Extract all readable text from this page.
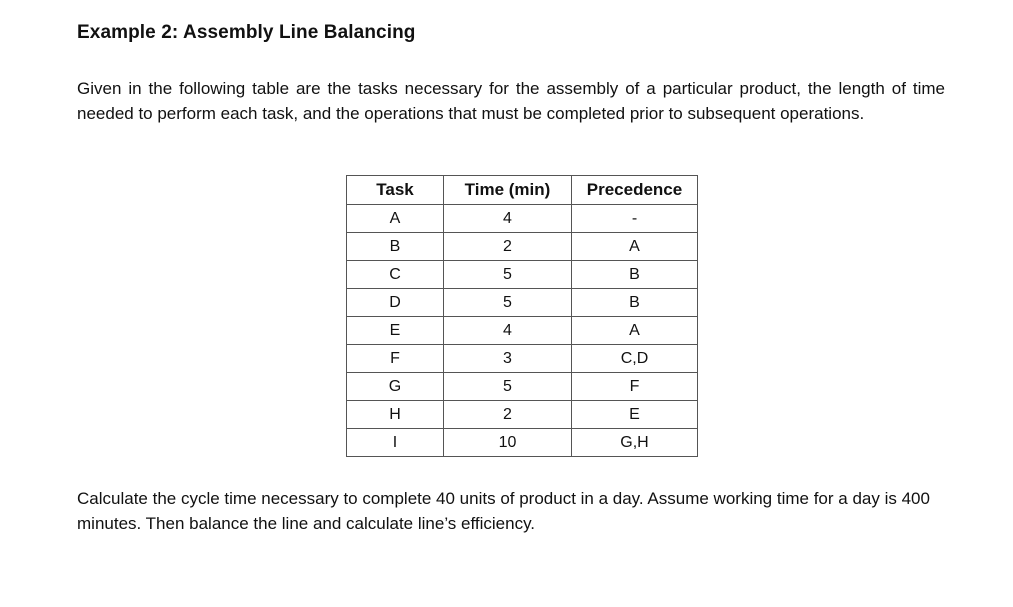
Example 2: Assembly Line Balancing
Given in the following table are the tasks necessary for the assembly of a particular product, the length of time needed to perform each task, and the operations that must be completed prior to subsequent operations.
Task	Time (min)	Precedence
A	4	-
B	2	A
C	5	B
D	5	B
E	4	A
F	3	C,D
G	5	F
H	2	E
I	10	G,H
Calculate the cycle time necessary to complete 40 units of product in a day. Assume working time for a day is 400 minutes. Then balance the line and calculate line’s efficiency.
